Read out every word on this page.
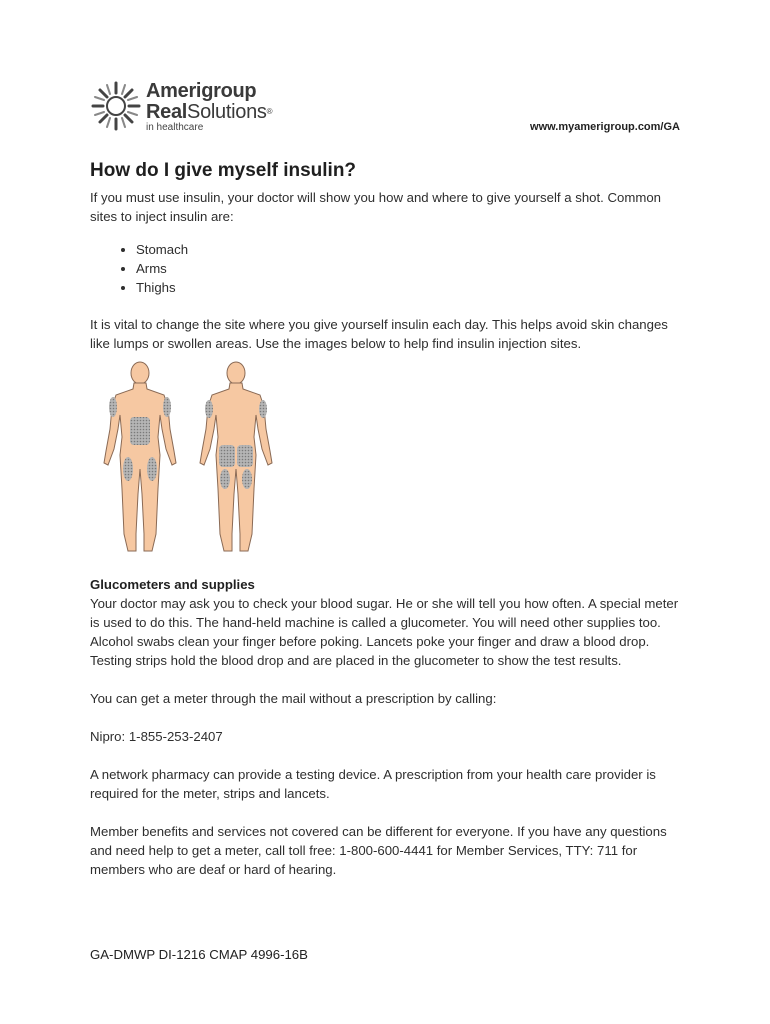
Amerigroup
RealSolutions®
in healthcare	www.myamerigroup.com/GA
How do I give myself insulin?

If you must use insulin, your doctor will show you how and where to give yourself a shot. Common sites to inject insulin are:

• Stomach
• Arms
• Thighs

It is vital to change the site where you give yourself insulin each day. This helps avoid skin changes like lumps or swollen areas. Use the images below to help find insulin injection sites.

Glucometers and supplies

Your doctor may ask you to check your blood sugar. He or she will tell you how often. A special meter is used to do this. The hand-held machine is called a glucometer. You will need other supplies too. Alcohol swabs clean your finger before poking. Lancets poke your finger and draw a blood drop. Testing strips hold the blood drop and are placed in the glucometer to show the test results.

You can get a meter through the mail without a prescription by calling:

Nipro: 1-855-253-2407

A network pharmacy can provide a testing device. A prescription from your health care provider is required for the meter, strips and lancets.

Member benefits and services not covered can be different for everyone. If you have any questions and need help to get a meter, call toll free: 1-800-600-4441 for Member Services, TTY: 711 for members who are deaf or hard of hearing.

GA-DMWP DI-1216 CMAP 4996-16B
